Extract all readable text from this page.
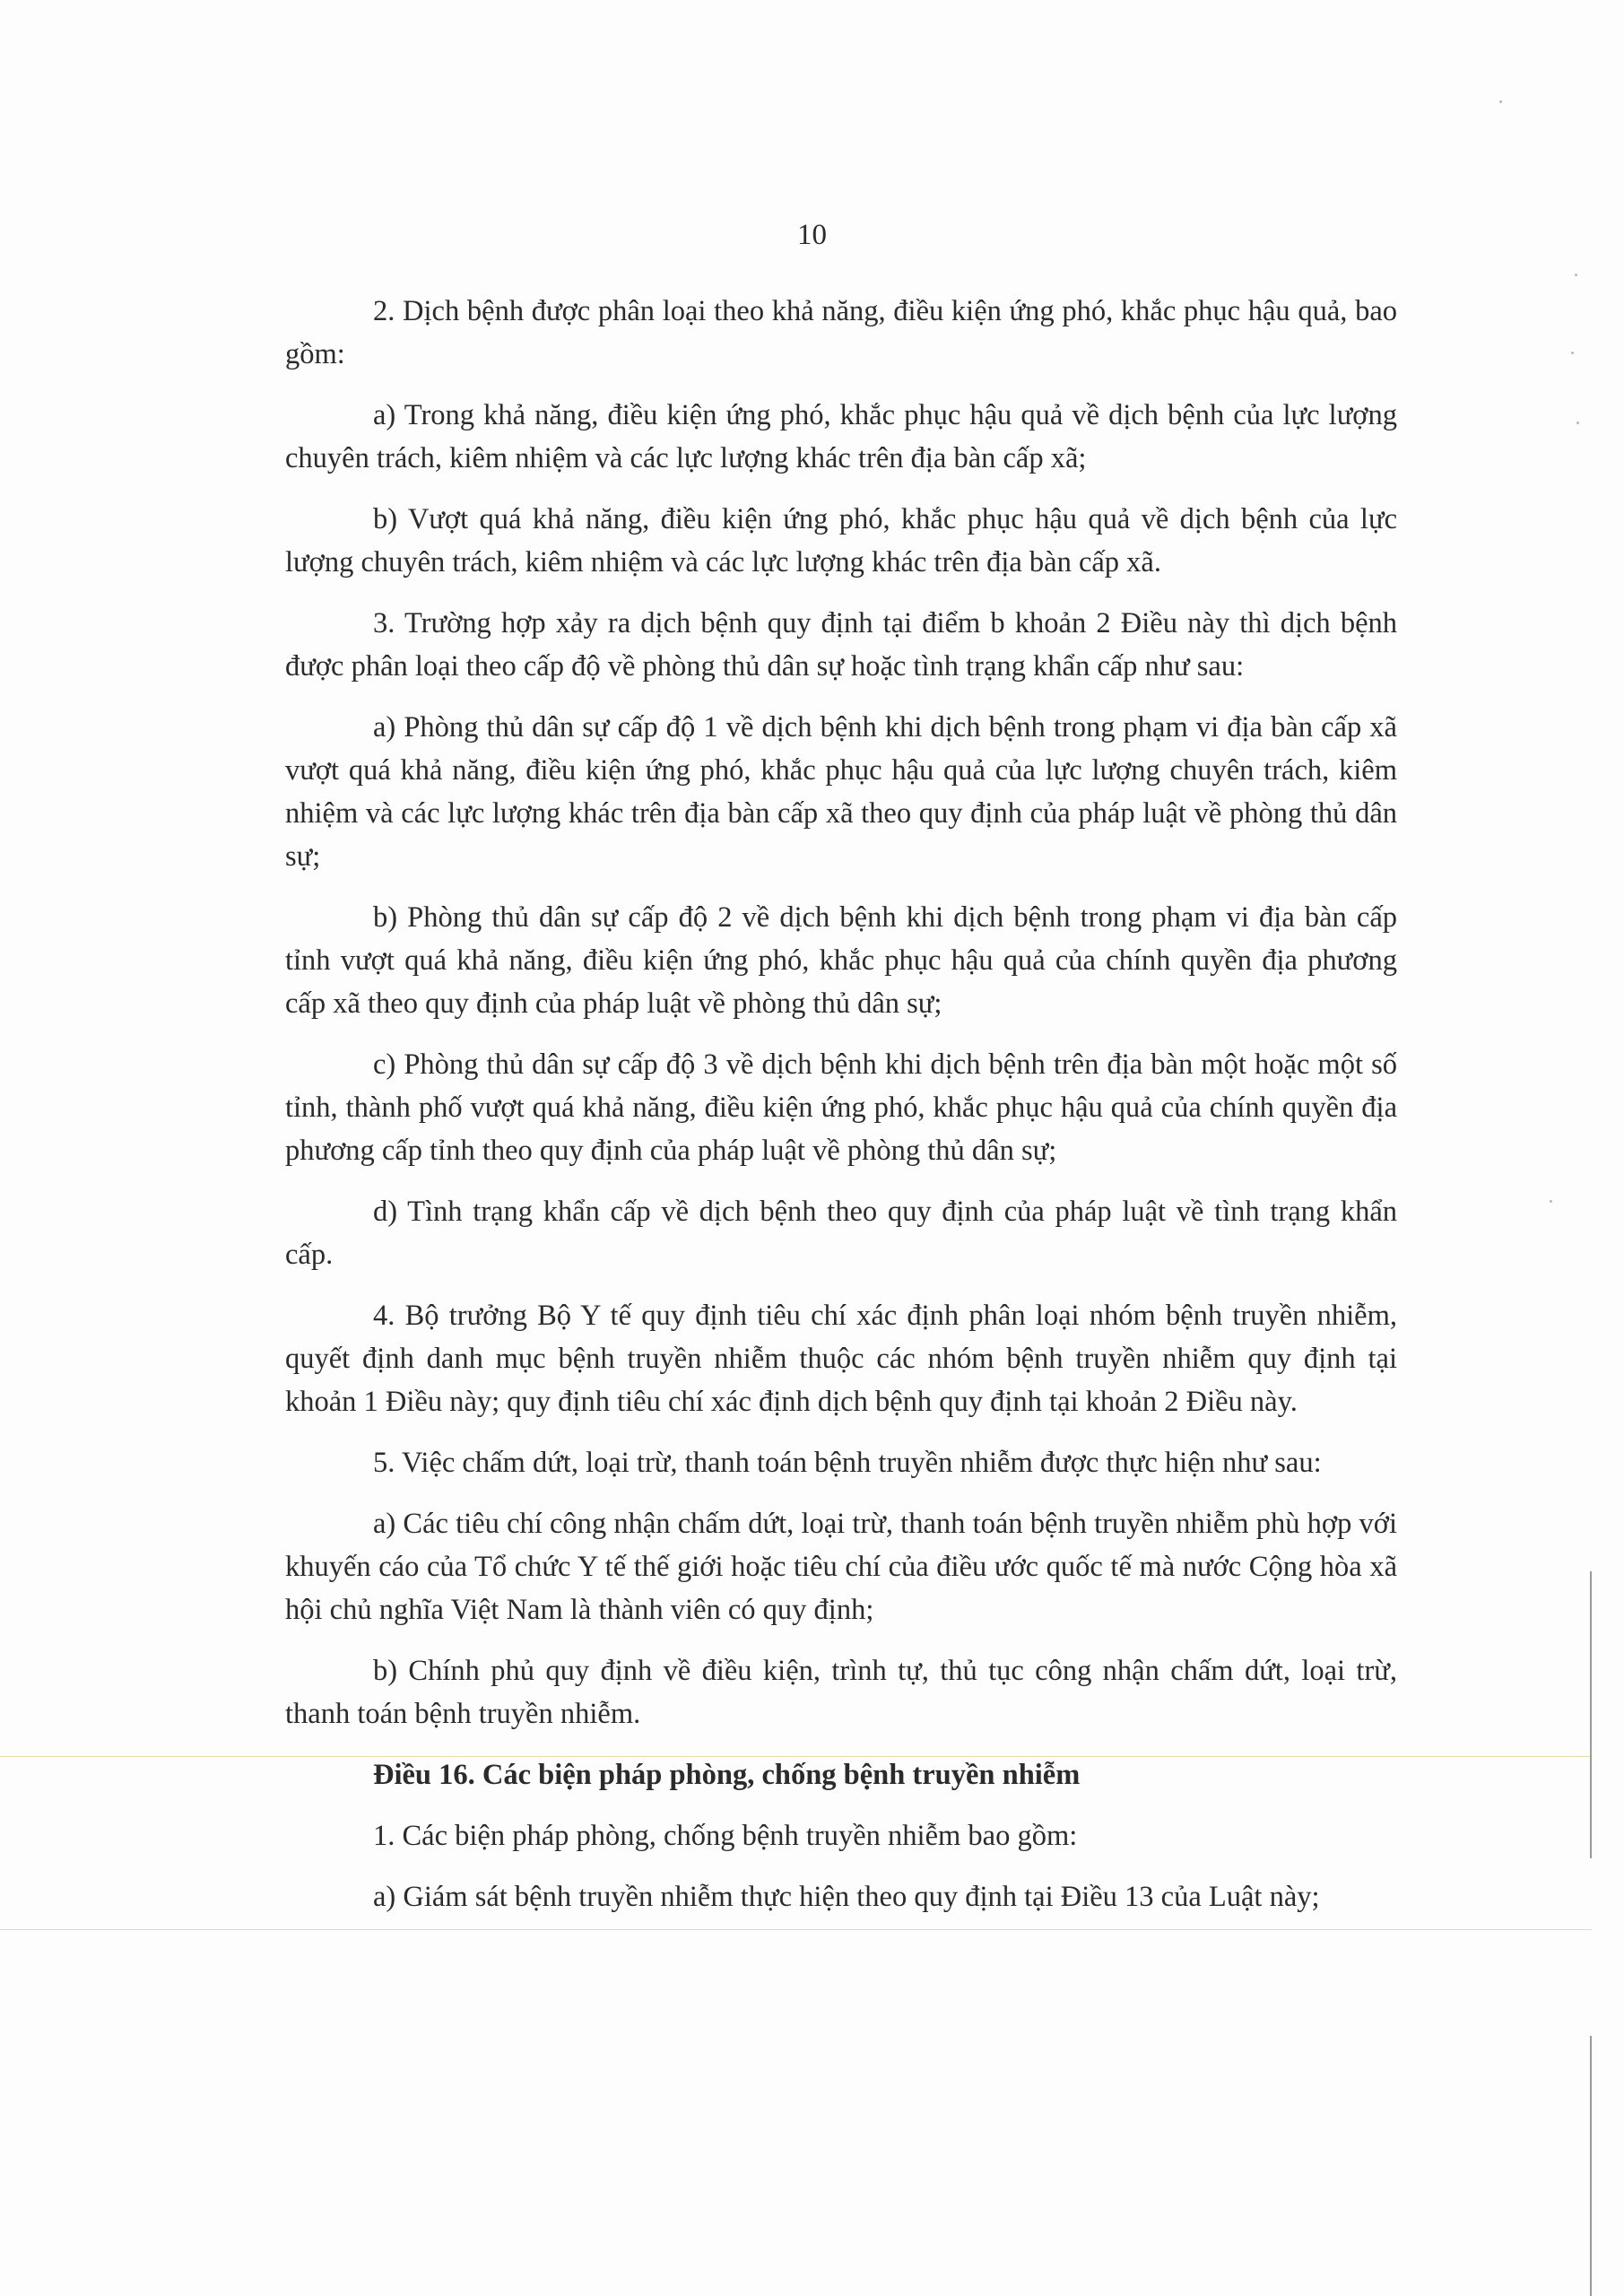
10

2. Dịch bệnh được phân loại theo khả năng, điều kiện ứng phó, khắc phục hậu quả, bao gồm:

a) Trong khả năng, điều kiện ứng phó, khắc phục hậu quả về dịch bệnh của lực lượng chuyên trách, kiêm nhiệm và các lực lượng khác trên địa bàn cấp xã;

b) Vượt quá khả năng, điều kiện ứng phó, khắc phục hậu quả về dịch bệnh của lực lượng chuyên trách, kiêm nhiệm và các lực lượng khác trên địa bàn cấp xã.

3. Trường hợp xảy ra dịch bệnh quy định tại điểm b khoản 2 Điều này thì dịch bệnh được phân loại theo cấp độ về phòng thủ dân sự hoặc tình trạng khẩn cấp như sau:

a) Phòng thủ dân sự cấp độ 1 về dịch bệnh khi dịch bệnh trong phạm vi địa bàn cấp xã vượt quá khả năng, điều kiện ứng phó, khắc phục hậu quả của lực lượng chuyên trách, kiêm nhiệm và các lực lượng khác trên địa bàn cấp xã theo quy định của pháp luật về phòng thủ dân sự;

b) Phòng thủ dân sự cấp độ 2 về dịch bệnh khi dịch bệnh trong phạm vi địa bàn cấp tỉnh vượt quá khả năng, điều kiện ứng phó, khắc phục hậu quả của chính quyền địa phương cấp xã theo quy định của pháp luật về phòng thủ dân sự;

c) Phòng thủ dân sự cấp độ 3 về dịch bệnh khi dịch bệnh trên địa bàn một hoặc một số tỉnh, thành phố vượt quá khả năng, điều kiện ứng phó, khắc phục hậu quả của chính quyền địa phương cấp tỉnh theo quy định của pháp luật về phòng thủ dân sự;

d) Tình trạng khẩn cấp về dịch bệnh theo quy định của pháp luật về tình trạng khẩn cấp.

4. Bộ trưởng Bộ Y tế quy định tiêu chí xác định phân loại nhóm bệnh truyền nhiễm, quyết định danh mục bệnh truyền nhiễm thuộc các nhóm bệnh truyền nhiễm quy định tại khoản 1 Điều này; quy định tiêu chí xác định dịch bệnh quy định tại khoản 2 Điều này.

5. Việc chấm dứt, loại trừ, thanh toán bệnh truyền nhiễm được thực hiện như sau:

a) Các tiêu chí công nhận chấm dứt, loại trừ, thanh toán bệnh truyền nhiễm phù hợp với khuyến cáo của Tổ chức Y tế thế giới hoặc tiêu chí của điều ước quốc tế mà nước Cộng hòa xã hội chủ nghĩa Việt Nam là thành viên có quy định;

b) Chính phủ quy định về điều kiện, trình tự, thủ tục công nhận chấm dứt, loại trừ, thanh toán bệnh truyền nhiễm.

Điều 16. Các biện pháp phòng, chống bệnh truyền nhiễm

1. Các biện pháp phòng, chống bệnh truyền nhiễm bao gồm:

a) Giám sát bệnh truyền nhiễm thực hiện theo quy định tại Điều 13 của Luật này;
